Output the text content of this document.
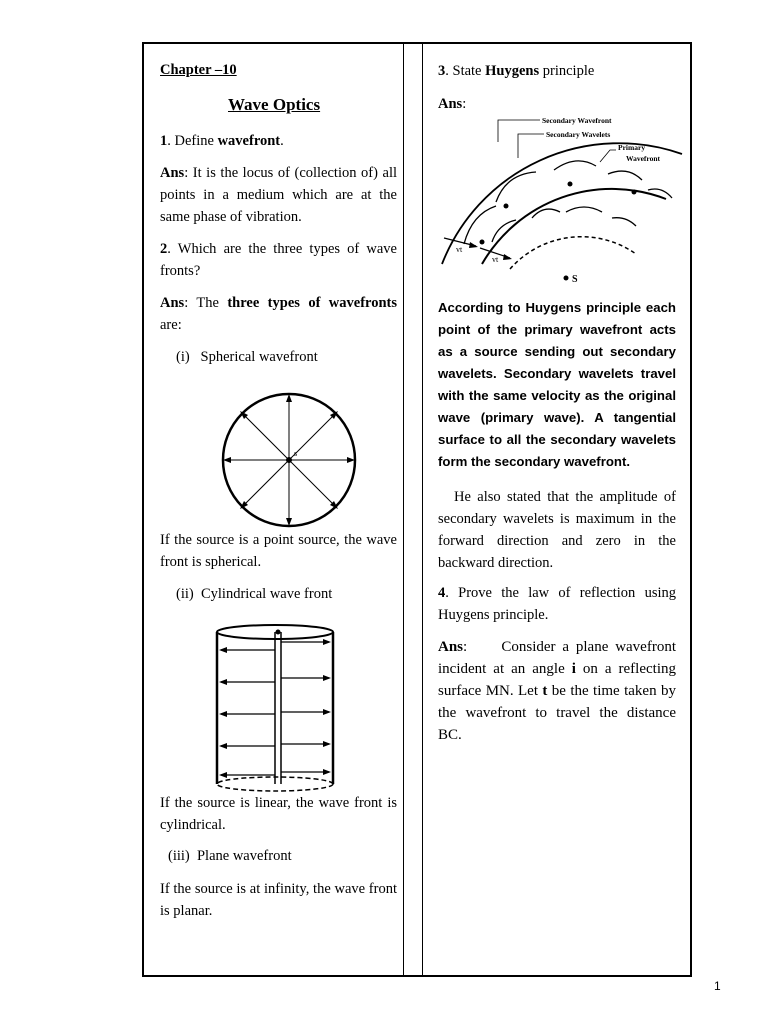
Chapter –10
Wave Optics
1. Define wavefront.
Ans: It is the locus of (collection of) all points in a medium which are at the same phase of vibration.
2. Which are the three types of wave fronts?
Ans: The three types of wavefronts are:
(i)   Spherical wavefront
s
If the source is a point source, the wave front is spherical.
(ii)  Cylindrical wave front
If the source is linear, the wave front is cylindrical.
(iii)  Plane wavefront
If the source is at infinity, the wave front is planar.
3. State Huygens principle
Ans:
Secondary Wavefront
Secondary Wavelets
Primary
Wavefront
vt
vt
S
According to Huygens principle each point of the primary wavefront acts as a source sending out secondary wavelets. Secondary wavelets travel with the same velocity as the original wave (primary wave). A tangential surface to all the secondary wavelets form the secondary wavefront.
He also stated that the amplitude of secondary wavelets is maximum in the forward direction and zero in the backward direction.
4. Prove the law of reflection using Huygens principle.
Ans:     Consider a plane wavefront incident at an angle i on a reflecting surface MN. Let t be the time taken by the wavefront to travel the distance BC.
1
